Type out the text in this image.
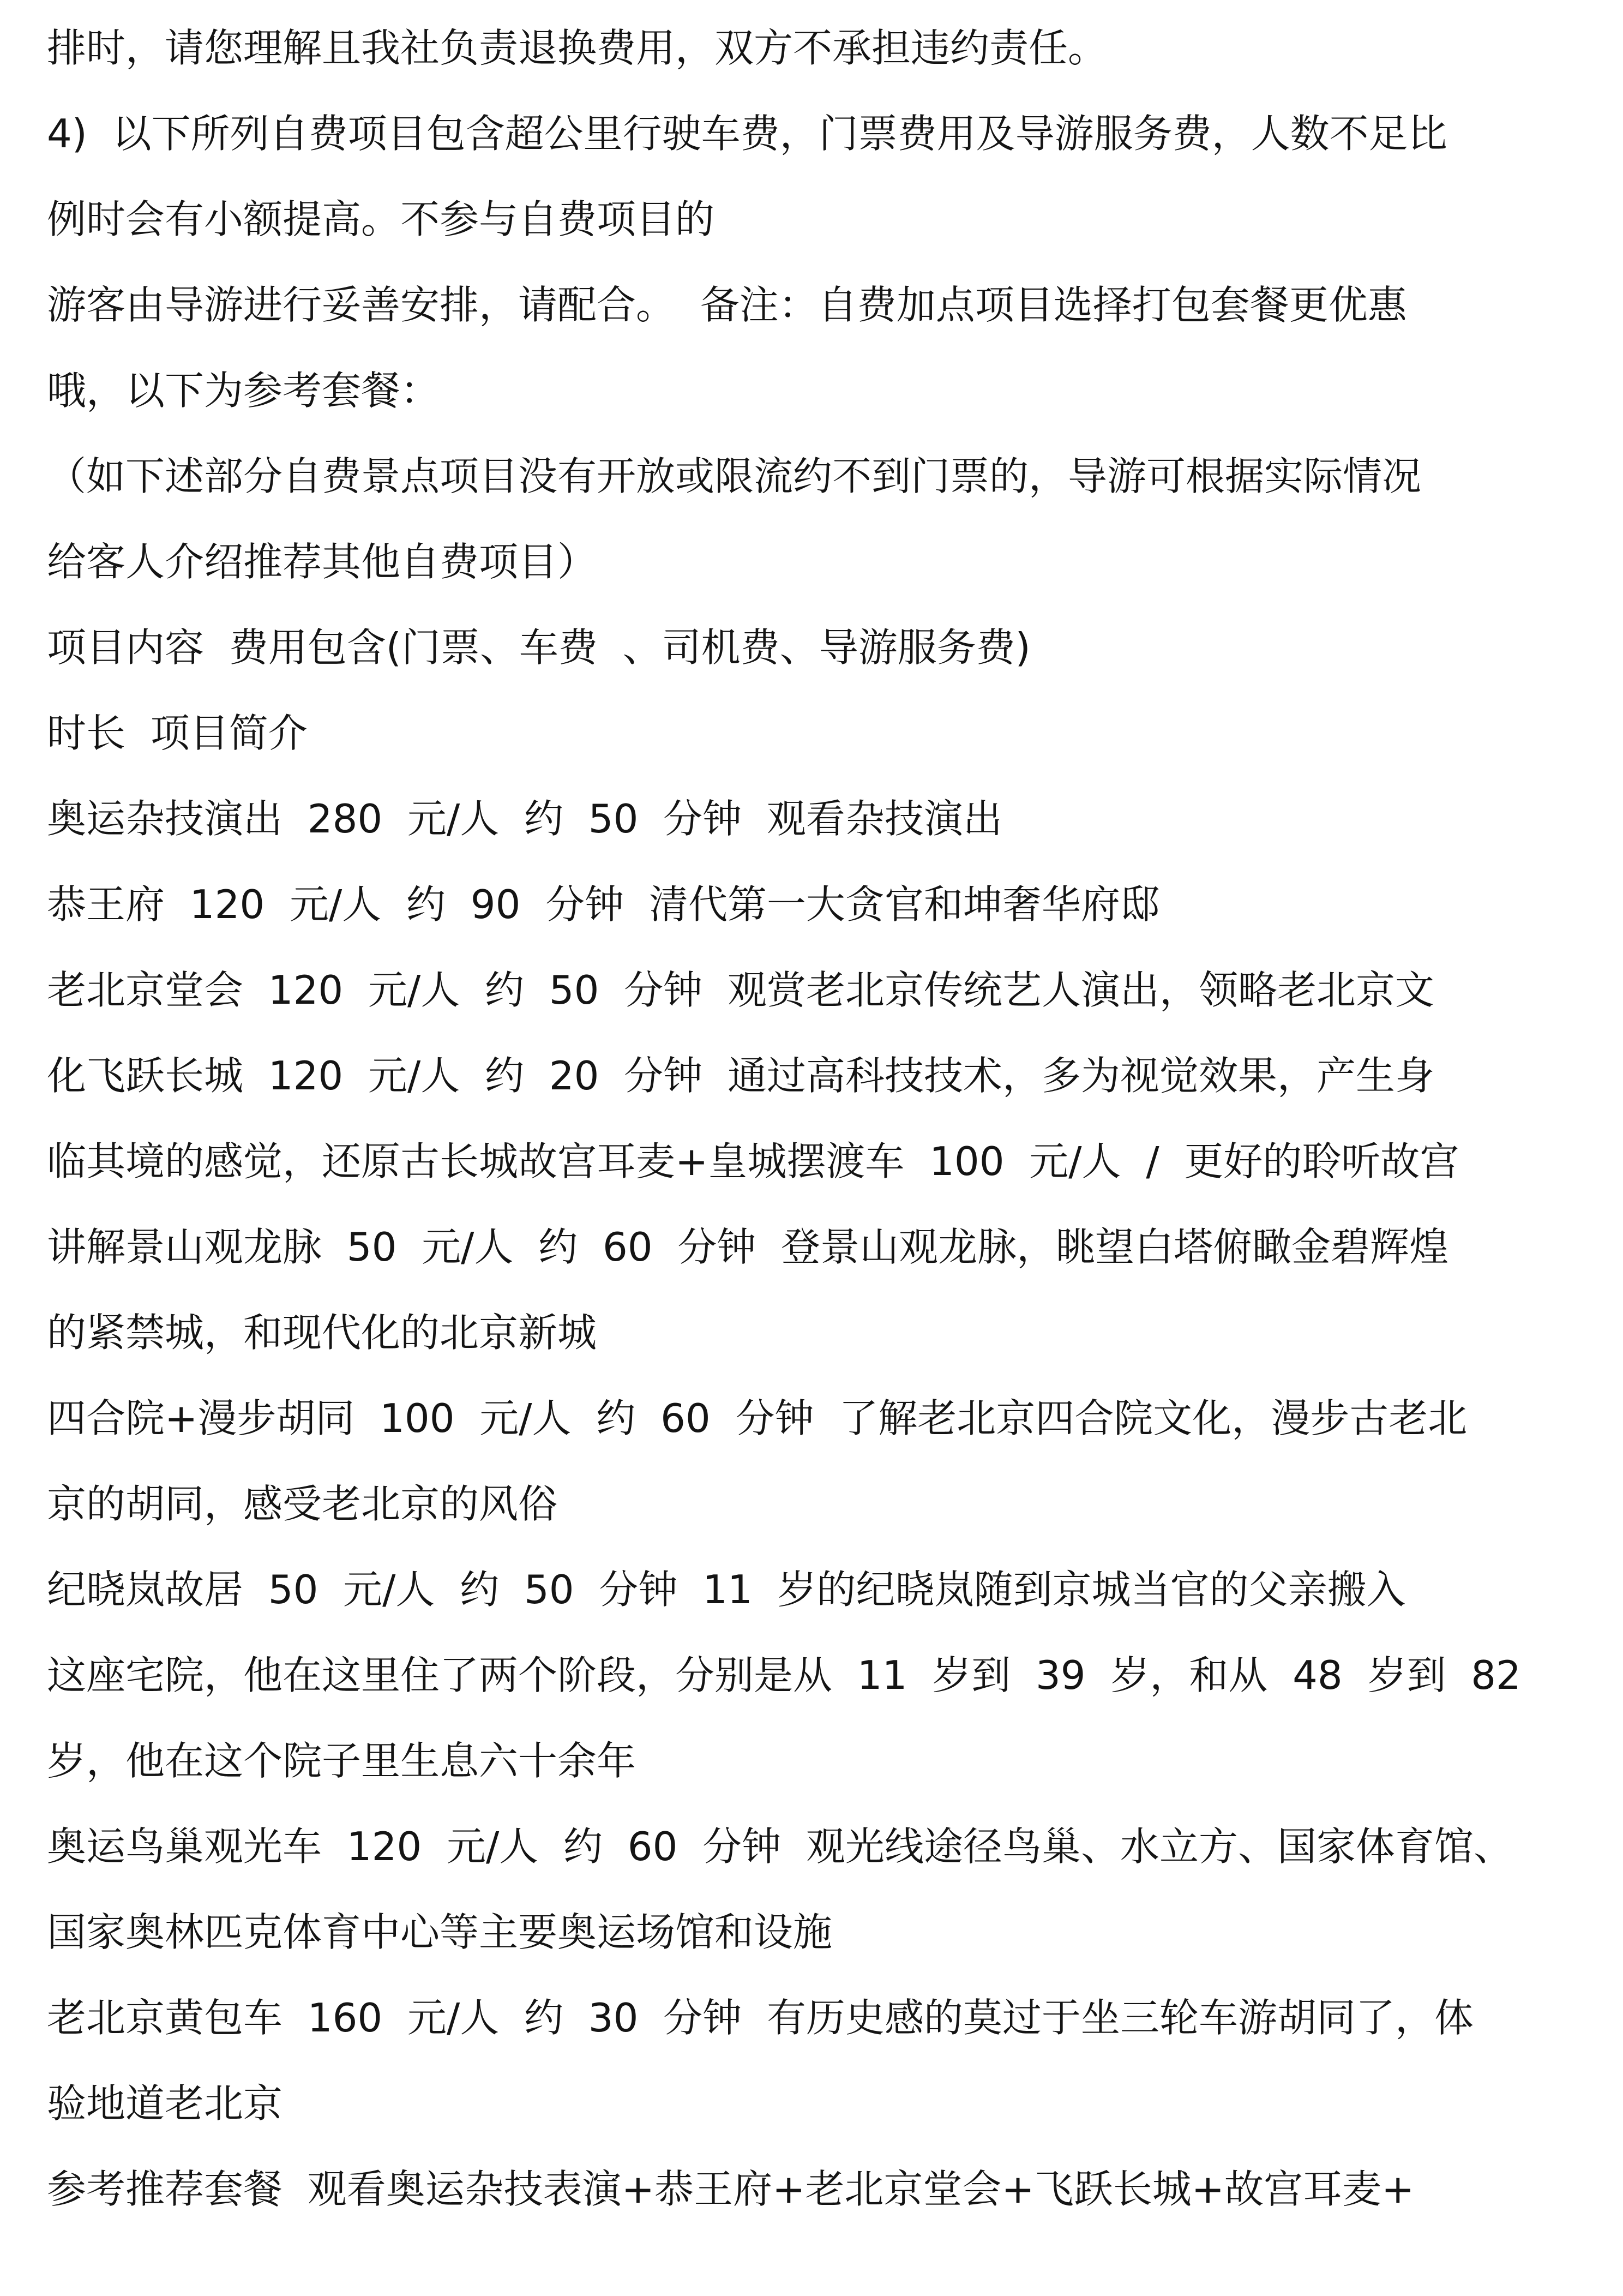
排时，请您理解且我社负责退换费用，双方不承担违约责任。
4)  以下所列自费项目包含超公里行驶车费，门票费用及导游服务费，人数不足比
例时会有小额提高。不参与自费项目的
游客由导游进行妥善安排，请配合。  备注：自费加点项目选择打包套餐更优惠
哦，以下为参考套餐：
（如下述部分自费景点项目没有开放或限流约不到门票的，导游可根据实际情况
给客人介绍推荐其他自费项目）
项目内容  费用包含(门票、车费  、司机费、导游服务费)
时长  项目简介
奥运杂技演出  280  元/人  约  50  分钟  观看杂技演出
恭王府  120  元/人  约  90  分钟  清代第一大贪官和坤奢华府邸
老北京堂会  120  元/人  约  50  分钟  观赏老北京传统艺人演出，领略老北京文
化飞跃长城  120  元/人  约  20  分钟  通过高科技技术，多为视觉效果，产生身
临其境的感觉，还原古长城故宫耳麦+皇城摆渡车  100  元/人  /  更好的聆听故宫
讲解景山观龙脉  50  元/人  约  60  分钟  登景山观龙脉，眺望白塔俯瞰金碧辉煌
的紧禁城，和现代化的北京新城
四合院+漫步胡同  100  元/人  约  60  分钟  了解老北京四合院文化，漫步古老北
京的胡同，感受老北京的风俗
纪晓岚故居  50  元/人  约  50  分钟  11  岁的纪晓岚随到京城当官的父亲搬入
这座宅院，他在这里住了两个阶段，分别是从  11  岁到  39  岁，和从  48  岁到  82
岁，他在这个院子里生息六十余年
奥运鸟巢观光车  120  元/人  约  60  分钟  观光线途径鸟巢、水立方、国家体育馆、
国家奥林匹克体育中心等主要奥运场馆和设施
老北京黄包车  160  元/人  约  30  分钟  有历史感的莫过于坐三轮车游胡同了，体
验地道老北京
参考推荐套餐  观看奥运杂技表演+恭王府+老北京堂会+飞跃长城+故宫耳麦+
